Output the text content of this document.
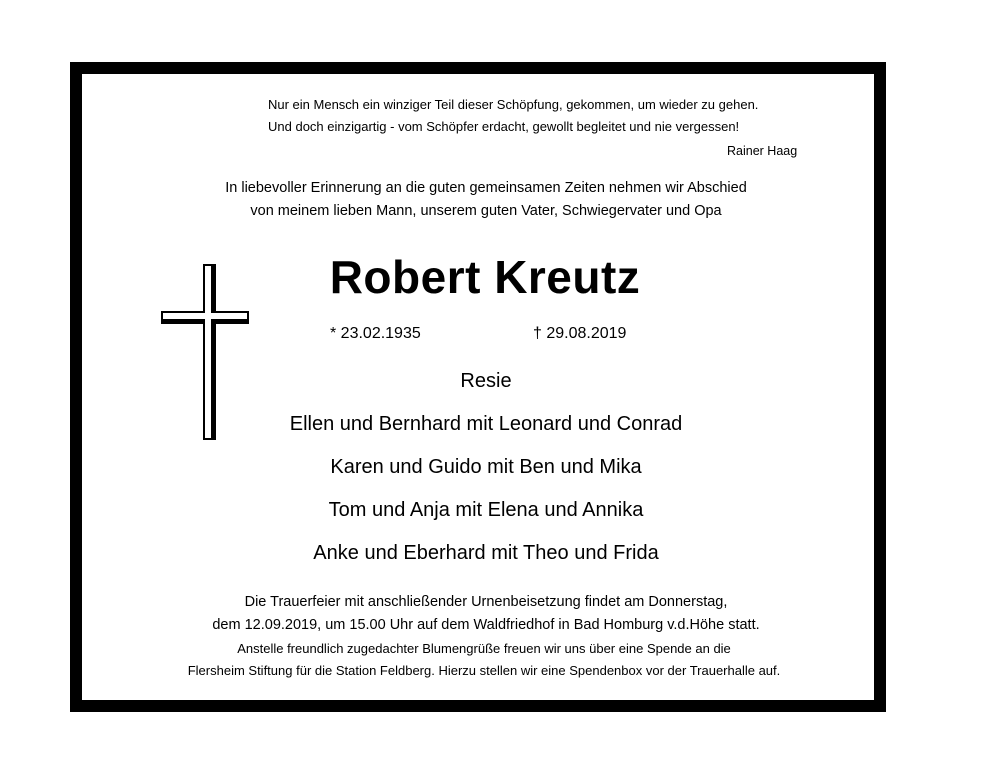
Nur ein Mensch ein winziger Teil dieser Schöpfung, gekommen, um wieder zu gehen.
Und doch einzigartig - vom Schöpfer erdacht, gewollt begleitet und nie vergessen!
Rainer Haag
In liebevoller Erinnerung an die guten gemeinsamen Zeiten nehmen wir Abschied
von meinem lieben Mann, unserem guten Vater, Schwiegervater und Opa
Robert Kreutz
* 23.02.1935	† 29.08.2019
Resie
Ellen und Bernhard mit Leonard und Conrad
Karen und Guido mit Ben und Mika
Tom und Anja mit Elena und Annika
Anke und Eberhard mit Theo und Frida
Die Trauerfeier mit anschließender Urnenbeisetzung findet am Donnerstag,
dem 12.09.2019, um 15.00 Uhr auf dem Waldfriedhof in Bad Homburg v.d.Höhe statt.
Anstelle freundlich zugedachter Blumengrüße freuen wir uns über eine Spende an die
Flersheim Stiftung für die Station Feldberg. Hierzu stellen wir eine Spendenbox vor der Trauerhalle auf.
